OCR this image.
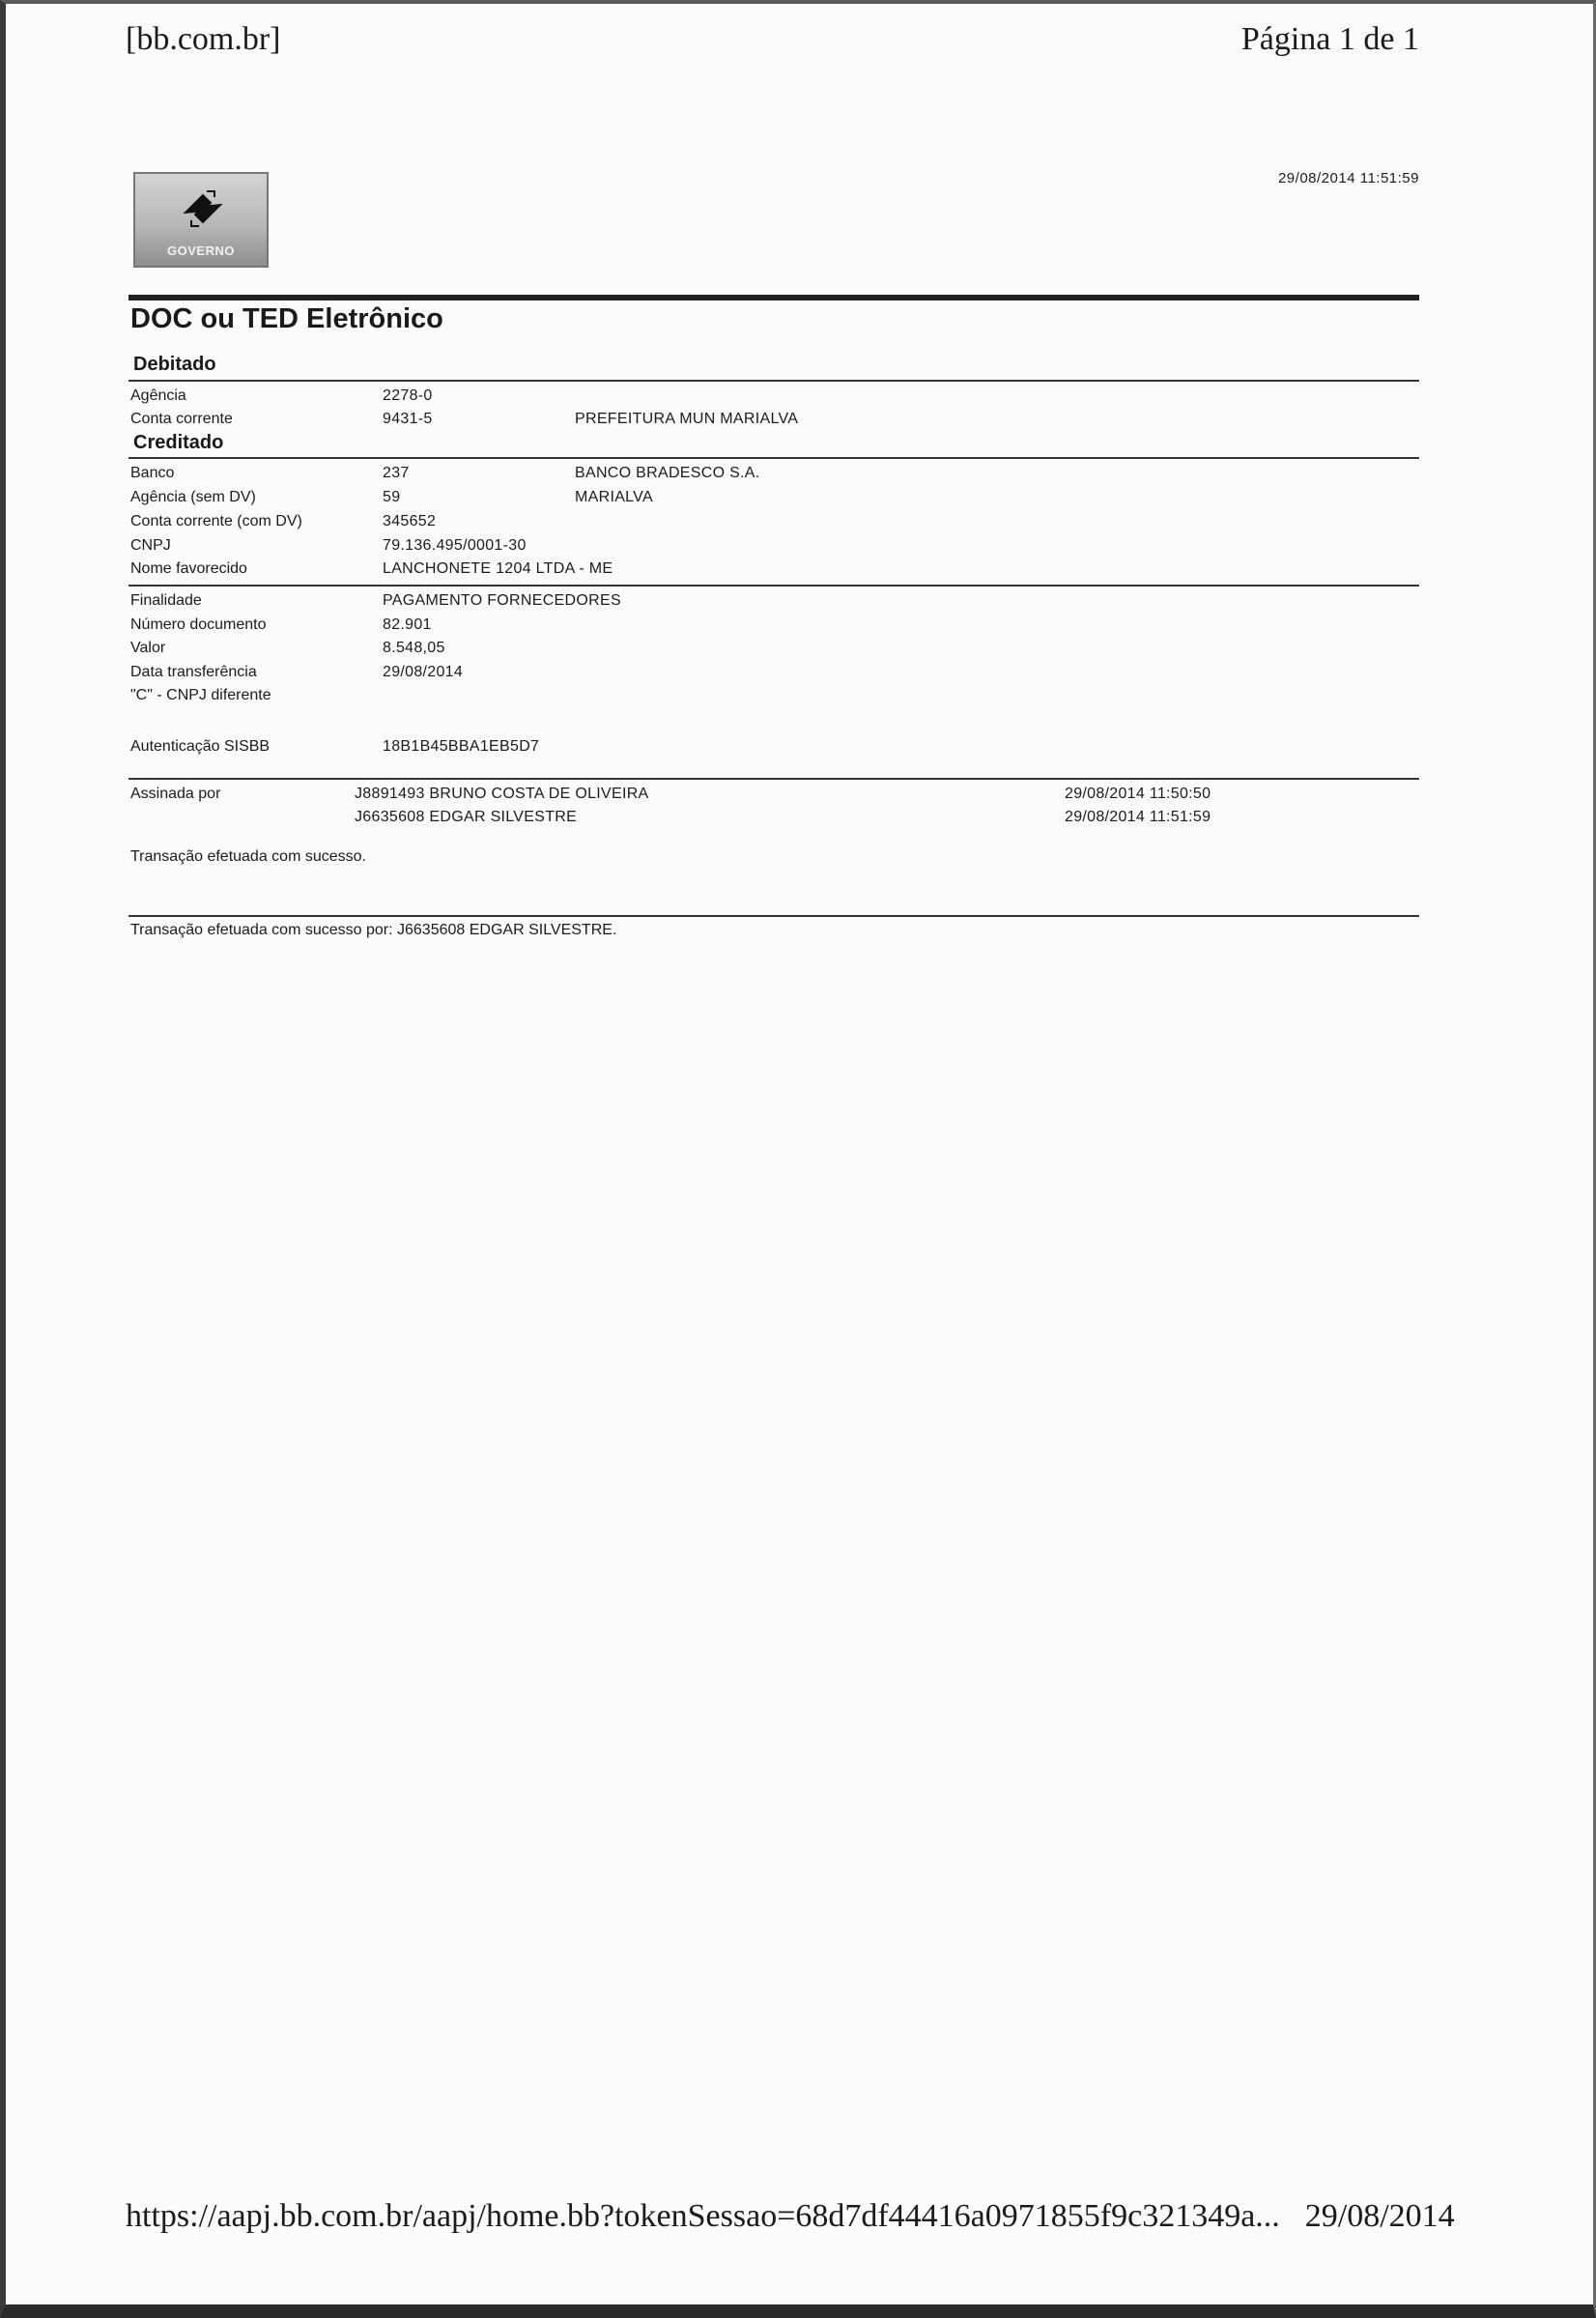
[bb.com.br]	Página 1 de 1
GOVERNO
29/08/2014 11:51:59
DOC ou TED Eletrônico
Debitado
Agência	2278-0
Conta corrente	9431-5	PREFEITURA MUN MARIALVA
Creditado
Banco	237	BANCO BRADESCO S.A.
Agência (sem DV)	59	MARIALVA
Conta corrente (com DV)	345652
CNPJ	79.136.495/0001-30
Nome favorecido	LANCHONETE 1204 LTDA - ME
Finalidade	PAGAMENTO FORNECEDORES
Número documento	82.901
Valor	8.548,05
Data transferência	29/08/2014
"C" - CNPJ diferente
Autenticação SISBB	18B1B45BBA1EB5D7
Assinada por	J8891493 BRUNO COSTA DE OLIVEIRA	29/08/2014 11:50:50
J6635608 EDGAR SILVESTRE	29/08/2014 11:51:59
Transação efetuada com sucesso.
Transação efetuada com sucesso por: J6635608 EDGAR SILVESTRE.
https://aapj.bb.com.br/aapj/home.bb?tokenSessao=68d7df44416a0971855f9c321349a... 29/08/2014
